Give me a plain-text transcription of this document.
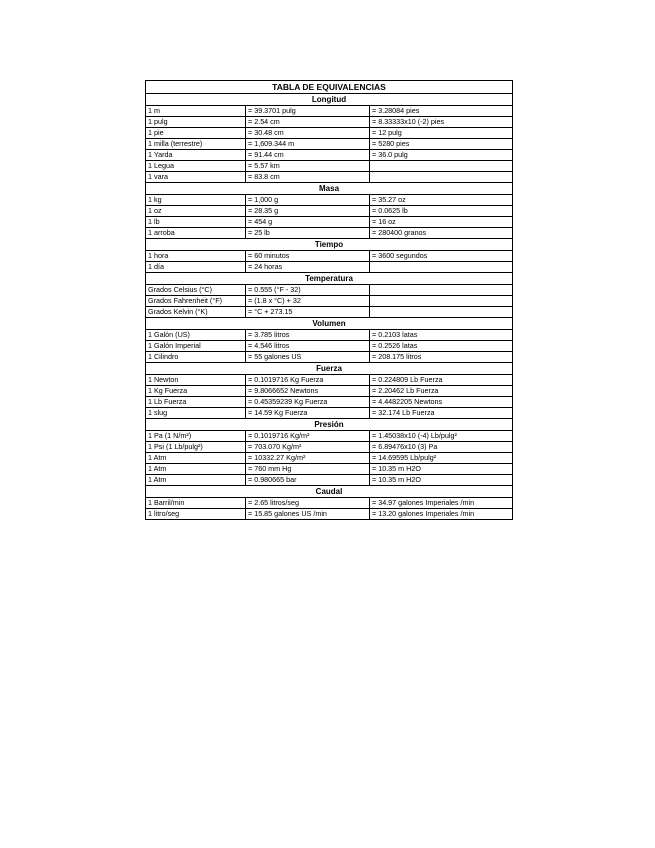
TABLA DE EQUIVALENCIAS		
Longitud		
1 m	= 39.3701 pulg	= 3.28084 pies
1 pulg	= 2.54 cm	= 8.33333x10 (-2) pies
1 pie	= 30.48 cm	= 12 pulg
1 milla (terrestre)	= 1,609.344 m	= 5280 pies
1 Yarda	= 91.44 cm	= 36.0 pulg
1 Legua	= 5.57 km	
1 vara	= 83.8 cm	
Masa		
1 kg	= 1,000 g	= 35.27 oz
1 oz	= 28.35 g	= 0.0625 lb
1 lb	= 454 g	= 16 oz
1 arroba	= 25 lb	= 280400 granos
Tiempo		
1 hora	= 60 minutos	= 3600 segundos
1 día	= 24 horas	
Temperatura		
Grados Celsius (°C)	= 0.555 (°F - 32)	
Grados Fahrenheit (°F)	= (1.8 x °C) + 32	
Grados Kelvin (°K)	= °C + 273.15	
Volumen		
1 Galón (US)	= 3.785 litros	= 0.2103 latas
1 Galón Imperial	= 4.546 litros	= 0.2526 latas
1 Cilindro	= 55 galones US	= 208.175 litros
Fuerza		
1 Newton	= 0.1019716 Kg Fuerza	= 0.224809 Lb Fuerza
1 Kg Fuerza	= 9.8066652 Newtons	= 2.20462 Lb Fuerza
1 Lb Fuerza	= 0.45359239 Kg Fuerza	= 4.4482205 Newtons
1 slug	= 14.59 Kg Fuerza	= 32.174 Lb Fuerza
Presión		
1 Pa (1 N/m²)	= 0.1019716 Kg/m²	= 1.45038x10 (-4) Lb/pulg²
1 Psi (1 Lb/pulg²)	= 703.070 Kg/m²	= 6.89476x10 (3) Pa
1 Atm	= 10332.27 Kg/m²	= 14.69595 Lb/pulg²
1 Atm	= 760 mm Hg	= 10.35 m H2O
1 Atm	= 0.980665 bar	= 10.35 m H2O
Caudal		
1 Barril/min	= 2.65 litros/seg	= 34.97 galones Imperiales /min
1 litro/seg	= 15.85 galones US /min	= 13.20 galones Imperiales /min
